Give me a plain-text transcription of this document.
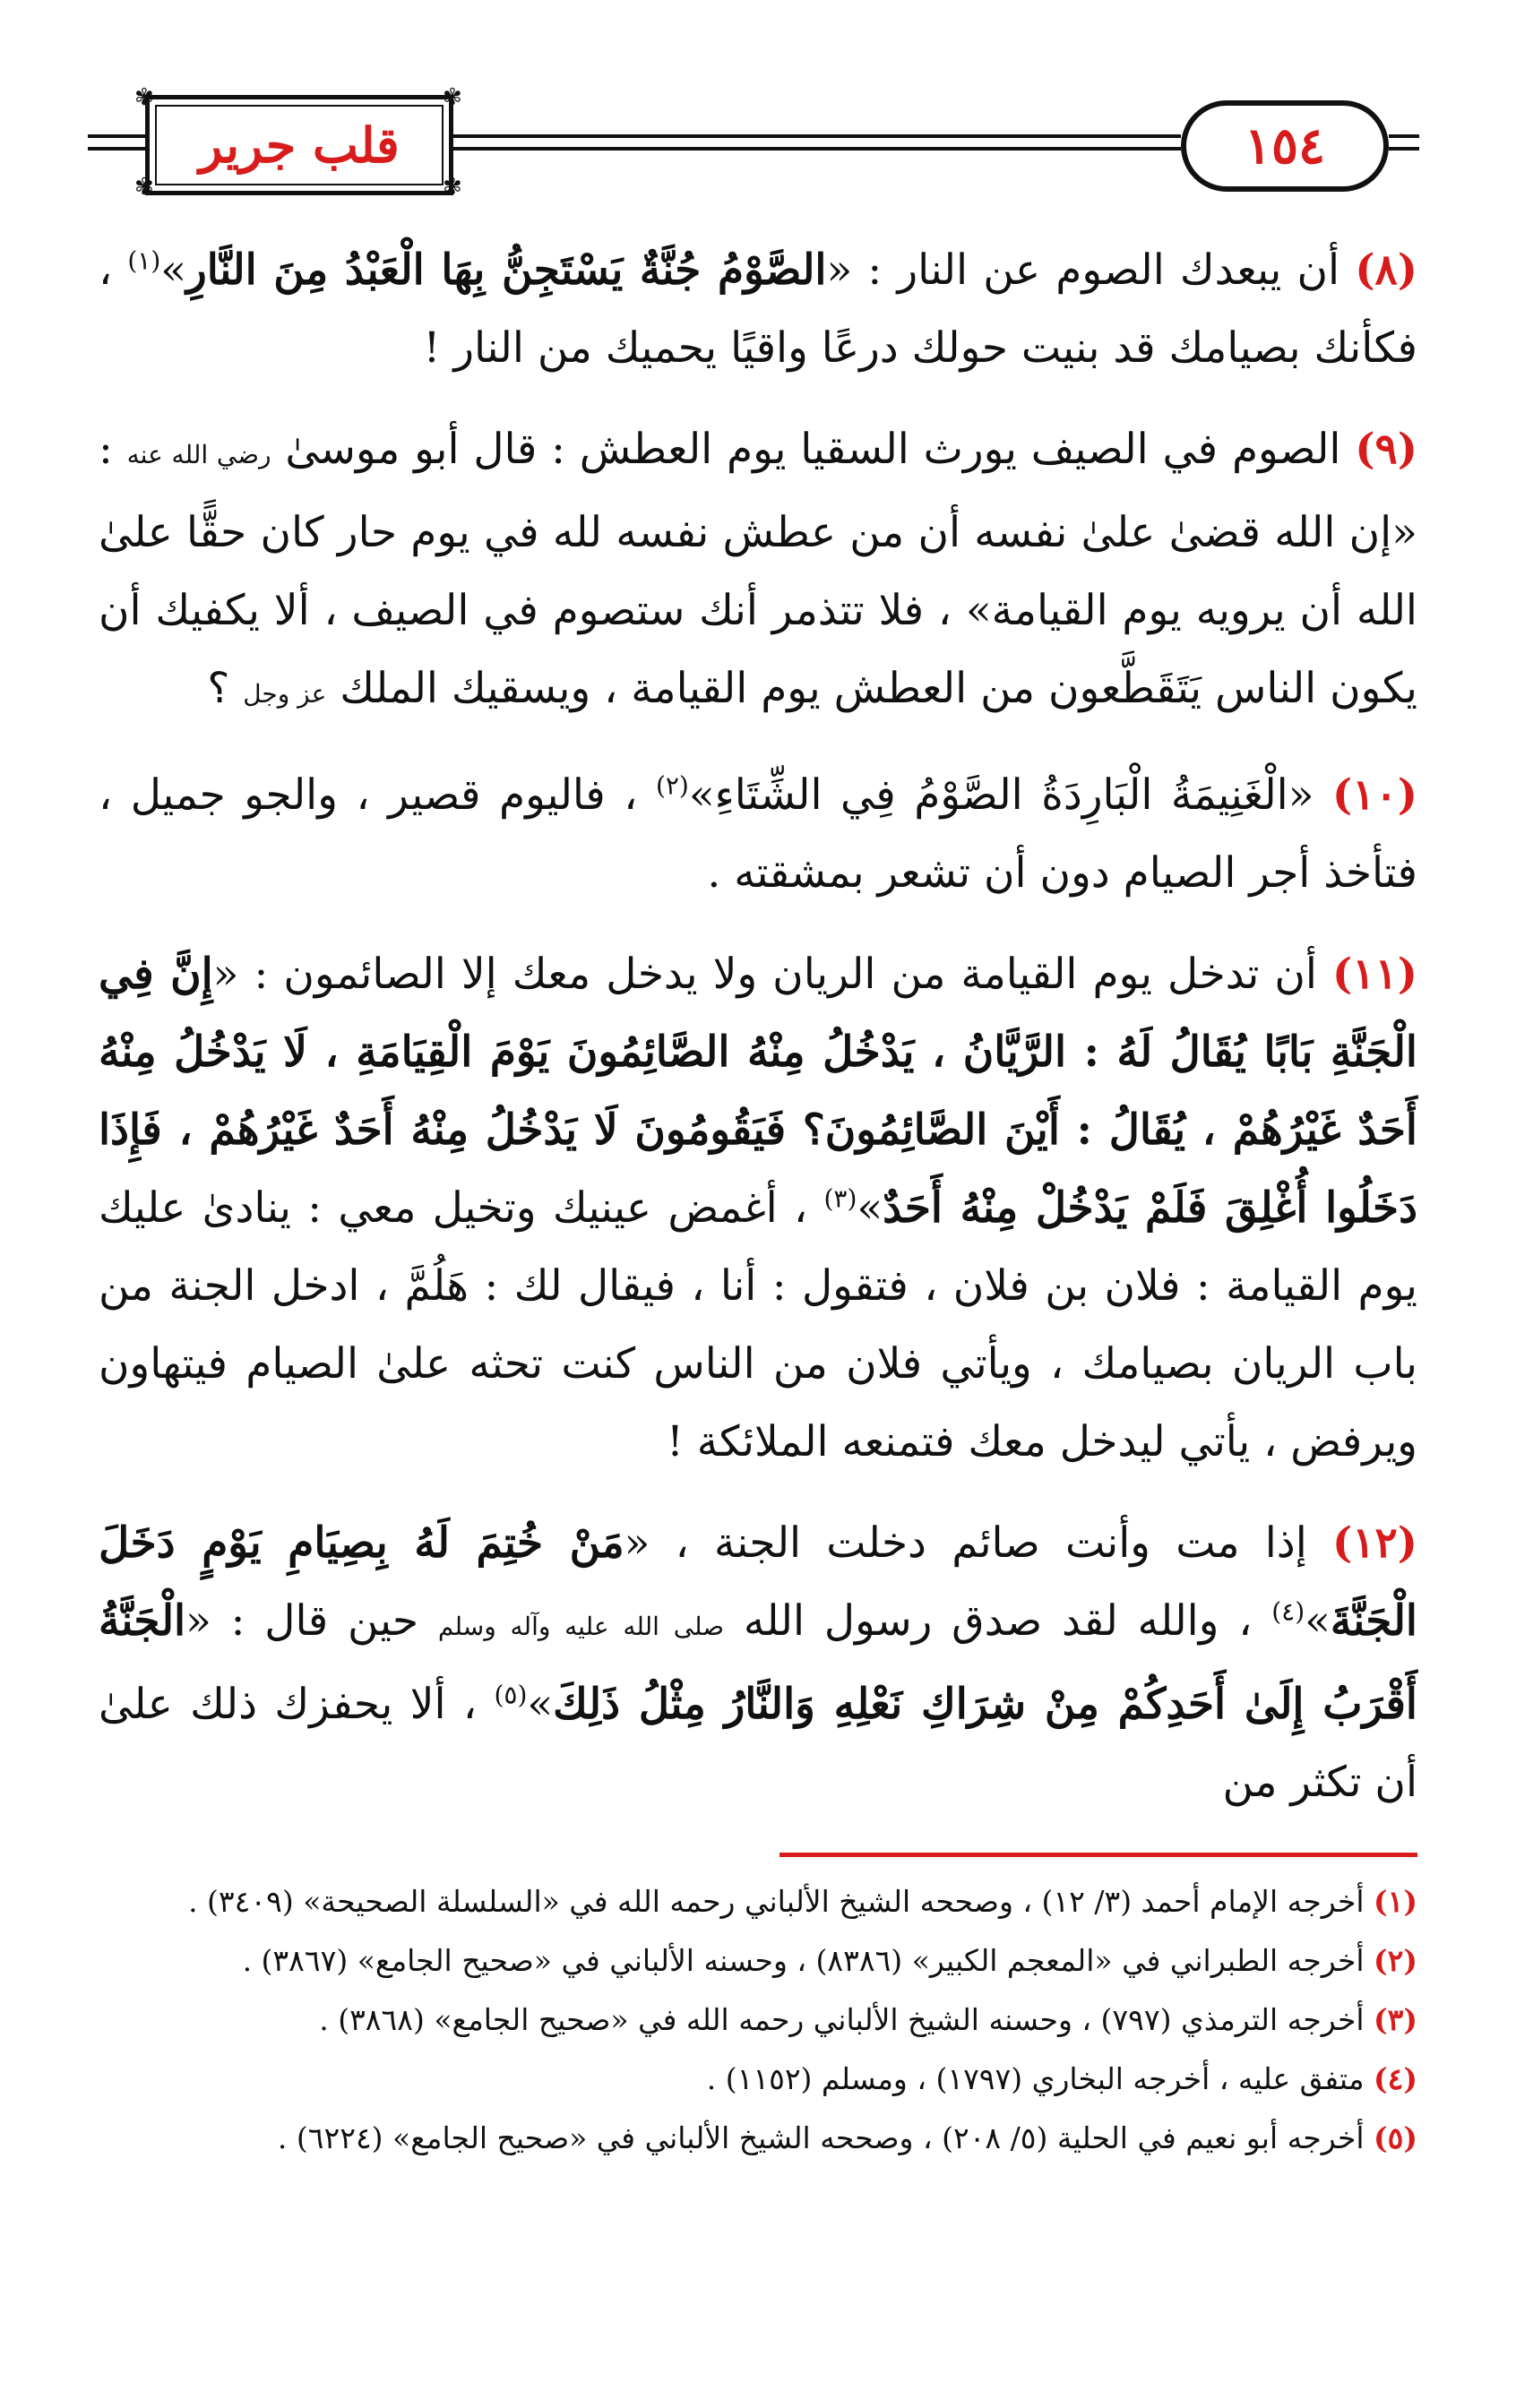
قلب جرير
✾	✾
✾	✾
١٥٤

(٨) أن يبعدك الصوم عن النار : «الصَّوْمُ جُنَّةٌ يَسْتَجِنُّ بِهَا الْعَبْدُ مِنَ النَّارِ»$^{(١)}$ ، فكأنك بصيامك قد بنيت حولك درعًا واقيًا يحميك من النار !

(٩) الصوم في الصيف يورث السقيا يوم العطش : قال أبو موسىٰ رضي الله عنه : «إن الله قضىٰ علىٰ نفسه أن من عطش نفسه لله في يوم حار كان حقًّا علىٰ الله أن يرويه يوم القيامة» ، فلا تتذمر أنك ستصوم في الصيف ، ألا يكفيك أن يكون الناس يَتَقَطَّعون من العطش يوم القيامة ، ويسقيك الملك عز وجل ؟

(١٠) «الْغَنِيمَةُ الْبَارِدَةُ الصَّوْمُ فِي الشِّتَاءِ»$^{(٢)}$ ، فاليوم قصير ، والجو جميل ، فتأخذ أجر الصيام دون أن تشعر بمشقته .

(١١) أن تدخل يوم القيامة من الريان ولا يدخل معك إلا الصائمون : «إِنَّ فِي الْجَنَّةِ بَابًا يُقَالُ لَهُ : الرَّيَّانُ ، يَدْخُلُ مِنْهُ الصَّائِمُونَ يَوْمَ الْقِيَامَةِ ، لَا يَدْخُلُ مِنْهُ أَحَدٌ غَيْرُهُمْ ، يُقَالُ : أَيْنَ الصَّائِمُونَ؟ فَيَقُومُونَ لَا يَدْخُلُ مِنْهُ أَحَدٌ غَيْرُهُمْ ، فَإِذَا دَخَلُوا أُغْلِقَ فَلَمْ يَدْخُلْ مِنْهُ أَحَدٌ»$^{(٣)}$ ، أغمض عينيك وتخيل معي : ينادىٰ عليك يوم القيامة : فلان بن فلان ، فتقول : أنا ، فيقال لك : هَلُمَّ ، ادخل الجنة من باب الريان بصيامك ، ويأتي فلان من الناس كنت تحثه علىٰ الصيام فيتهاون ويرفض ، يأتي ليدخل معك فتمنعه الملائكة !

(١٢) إذا مت وأنت صائم دخلت الجنة ، «مَنْ خُتِمَ لَهُ بِصِيَامِ يَوْمٍ دَخَلَ الْجَنَّةَ»$^{(٤)}$ ، والله لقد صدق رسول الله صلى الله عليه وآله وسلم حين قال : «الْجَنَّةُ أَقْرَبُ إِلَىٰ أَحَدِكُمْ مِنْ شِرَاكِ نَعْلِهِ وَالنَّارُ مِثْلُ ذَلِكَ»$^{(٥)}$ ، ألا يحفزك ذلك علىٰ أن تكثر من

(١) أخرجه الإمام أحمد (٣/ ١٢) ، وصححه الشيخ الألباني رحمه الله في «السلسلة الصحيحة» (٣٤٠٩) .
(٢) أخرجه الطبراني في «المعجم الكبير» (٨٣٨٦) ، وحسنه الألباني في «صحيح الجامع» (٣٨٦٧) .
(٣) أخرجه الترمذي (٧٩٧) ، وحسنه الشيخ الألباني رحمه الله في «صحيح الجامع» (٣٨٦٨) .
(٤) متفق عليه ، أخرجه البخاري (١٧٩٧) ، ومسلم (١١٥٢) .
(٥) أخرجه أبو نعيم في الحلية (٥/ ٢٠٨) ، وصححه الشيخ الألباني في «صحيح الجامع» (٦٢٢٤) .
